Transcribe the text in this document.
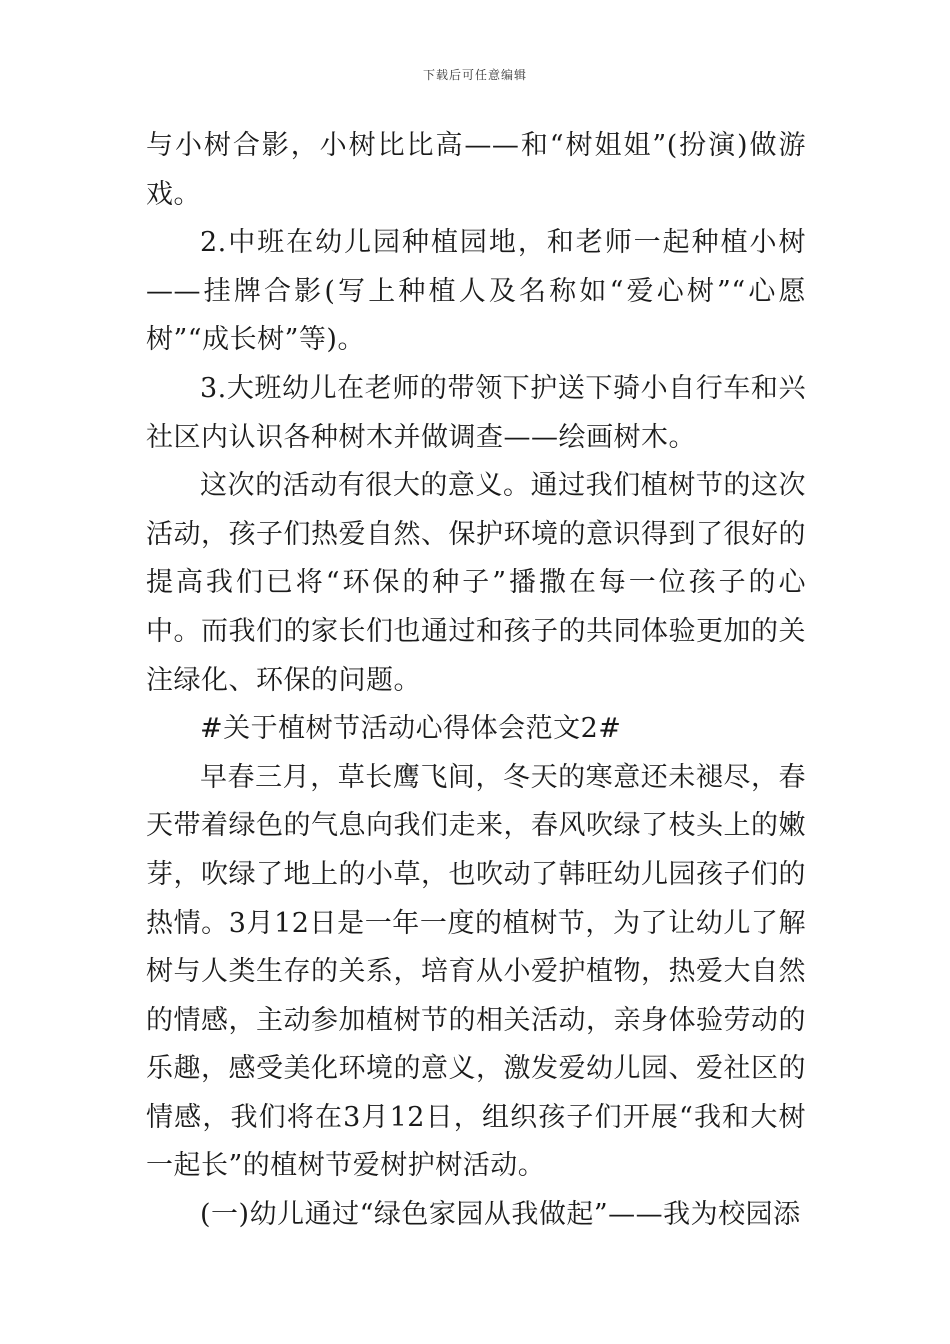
下载后可任意编辑

与小树合影，小树比比高——和“树姐姐”(扮演)做游戏。

2.中班在幼儿园种植园地，和老师一起种植小树——挂牌合影(写上种植人及名称如“爱心树”“心愿树”“成长树”等)。

3.大班幼儿在老师的带领下护送下骑小自行车和兴社区内认识各种树木并做调查——绘画树木。

这次的活动有很大的意义。通过我们植树节的这次活动，孩子们热爱自然、保护环境的意识得到了很好的提高我们已将“环保的种子”播撒在每一位孩子的心中。而我们的家长们也通过和孩子的共同体验更加的关注绿化、环保的问题。

#关于植树节活动心得体会范文2#

早春三月，草长鹰飞间，冬天的寒意还未褪尽，春天带着绿色的气息向我们走来，春风吹绿了枝头上的嫩芽，吹绿了地上的小草，也吹动了韩旺幼儿园孩子们的热情。3月12日是一年一度的植树节，为了让幼儿了解树与人类生存的关系，培育从小爱护植物，热爱大自然的情感，主动参加植树节的相关活动，亲身体验劳动的乐趣，感受美化环境的意义，激发爱幼儿园、爱社区的情感，我们将在3月12日，组织孩子们开展“我和大树一起长”的植树节爱树护树活动。

(一)幼儿通过“绿色家园从我做起”——我为校园添
